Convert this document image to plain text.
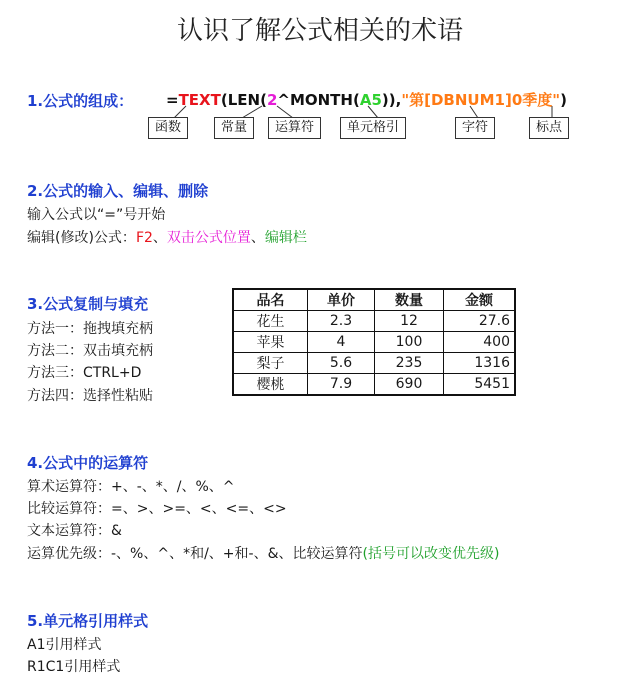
认识了解公式相关的术语
1.公式的组成： =TEXT(LEN(2^MONTH(A5)),"第[DBNUM1]0季度")
函数	常量	运算符	单元格引	字符	标点
2.公式的输入、编辑、删除
输入公式以“=”号开始
编辑(修改)公式：F2、双击公式位置、编辑栏
3.公式复制与填充
方法一：拖拽填充柄
方法二：双击填充柄
方法三：CTRL+D
方法四：选择性粘贴
品名	单价	数量	金额
花生	2.3	12	27.6
苹果	4	100	400
梨子	5.6	235	1316
樱桃	7.9	690	5451
4.公式中的运算符
算术运算符：+、-、*、/、%、^
比较运算符：=、>、>=、<、<=、<>
文本运算符：&
运算优先级：-、%、^、*和/、+和-、&、比较运算符(括号可以改变优先级)
5.单元格引用样式
A1引用样式
R1C1引用样式
